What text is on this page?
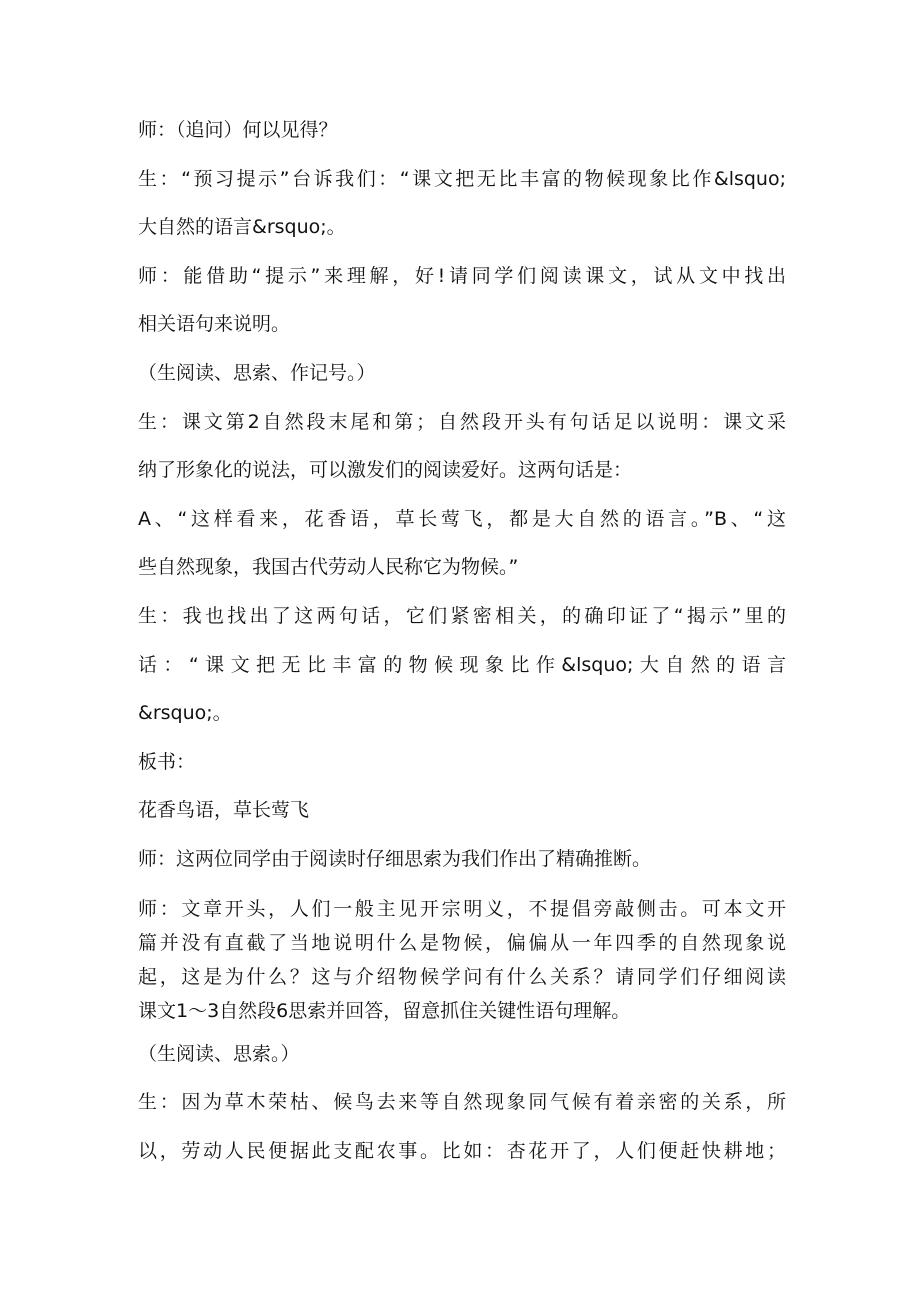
师：（追问）何以见得？
生：“预习提示”台诉我们：“课文把无比丰富的物候现象比作&lsquo;
大自然的语言&rsquo;。
师：能借助“提示”来理解，好!请同学们阅读课文，试从文中找出
相关语句来说明。
（生阅读、思索、作记号。）
生：课文第2自然段末尾和第；自然段开头有句话足以说明：课文采
纳了形象化的说法，可以激发们的阅读爱好。这两句话是：
A、“这样看来，花香语，草长莺飞，都是大自然的语言。”B、“这
些自然现象，我国古代劳动人民称它为物候。”
生：我也找出了这两句话，它们紧密相关，的确印证了“揭示”里的
话：“课文把无比丰富的物候现象比作&lsquo;大自然的语言
&rsquo;。
板书：
花香鸟语，草长莺飞
师：这两位同学由于阅读时仔细思索为我们作出了精确推断。
师：文章开头，人们一般主见开宗明义，不提倡旁敲侧击。可本文开
篇并没有直截了当地说明什么是物候，偏偏从一年四季的自然现象说
起，这是为什么？这与介绍物候学问有什么关系？请同学们仔细阅读
课文1～3自然段6思索并回答，留意抓住关键性语句理解。
（生阅读、思索。）
生：因为草木荣枯、候鸟去来等自然现象同气候有着亲密的关系，所
以，劳动人民便据此支配农事。比如：杏花开了，人们便赶快耕地；
